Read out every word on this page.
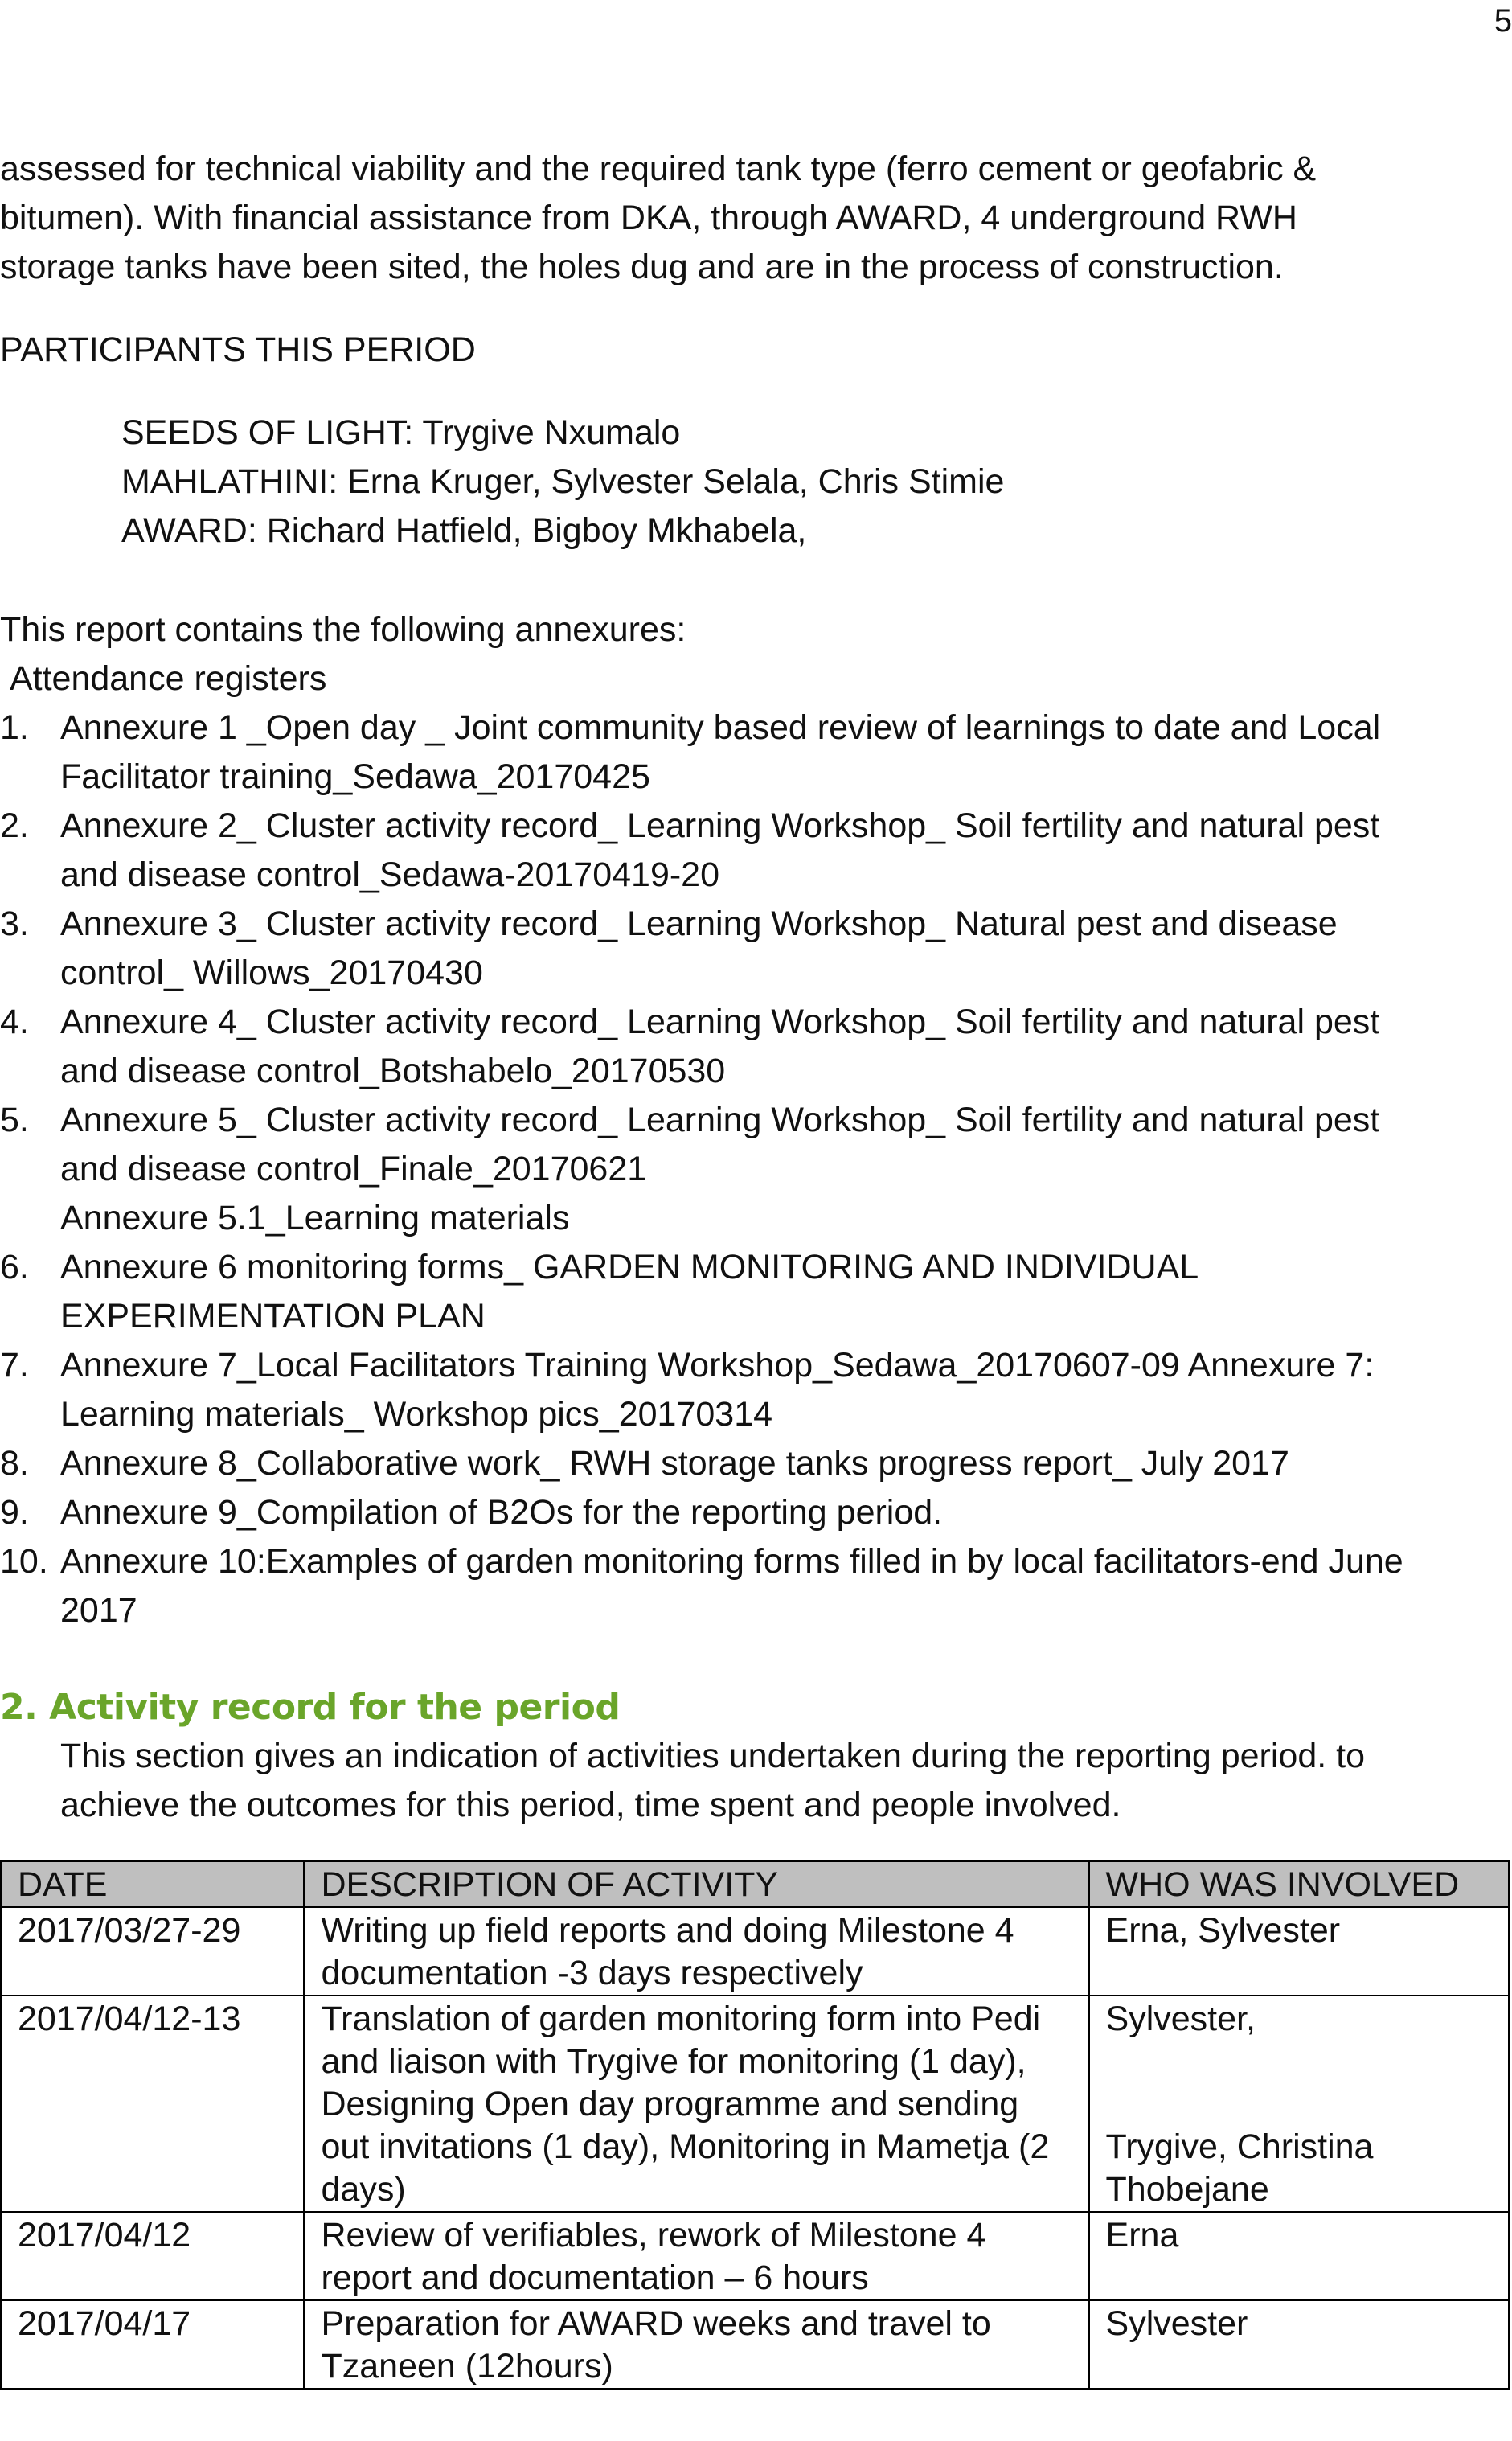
5
assessed for technical viability and the required tank type (ferro cement or geofabric &
bitumen). With financial assistance from DKA, through AWARD, 4 underground RWH
storage tanks have been sited, the holes dug and are in the process of construction.
PARTICIPANTS THIS PERIOD
SEEDS OF LIGHT: Trygive Nxumalo
MAHLATHINI: Erna Kruger, Sylvester Selala, Chris Stimie
AWARD: Richard Hatfield, Bigboy Mkhabela,
This report contains the following annexures:
Attendance registers
1. Annexure 1 _Open day _ Joint community based review of learnings to date and Local
Facilitator training_Sedawa_20170425
2. Annexure 2_ Cluster activity record_ Learning Workshop_ Soil fertility and natural pest
and disease control_Sedawa-20170419-20
3. Annexure 3_ Cluster activity record_ Learning Workshop_ Natural pest and disease
control_ Willows_20170430
4. Annexure 4_ Cluster activity record_ Learning Workshop_ Soil fertility and natural pest
and disease control_Botshabelo_20170530
5. Annexure 5_ Cluster activity record_ Learning Workshop_ Soil fertility and natural pest
and disease control_Finale_20170621
Annexure 5.1_Learning materials
6. Annexure 6 monitoring forms_ GARDEN MONITORING AND INDIVIDUAL
EXPERIMENTATION PLAN
7. Annexure 7_Local Facilitators Training Workshop_Sedawa_20170607-09 Annexure 7:
Learning materials_ Workshop pics_20170314
8. Annexure 8_Collaborative work_ RWH storage tanks progress report_ July 2017
9. Annexure 9_Compilation of B2Os for the reporting period.
10. Annexure 10:Examples of garden monitoring forms filled in by local facilitators-end June
2017
2. Activity record for the period
This section gives an indication of activities undertaken during the reporting period. to
achieve the outcomes for this period, time spent and people involved.
DATE	DESCRIPTION OF ACTIVITY	WHO WAS INVOLVED
2017/03/27-29	Writing up field reports and doing Milestone 4 documentation -3 days respectively	Erna, Sylvester

2017/04/12-13	Translation of garden monitoring form into Pedi and liaison with Trygive for monitoring (1 day), Designing Open day programme and sending out invitations (1 day), Monitoring in Mametja (2 days)	Sylvester,

Trygive, Christina Thobejane

2017/04/12	Review of verifiables, rework of Milestone 4 report and documentation – 6 hours	Erna

2017/04/17	Preparation for AWARD weeks and travel to Tzaneen (12hours)	Sylvester
